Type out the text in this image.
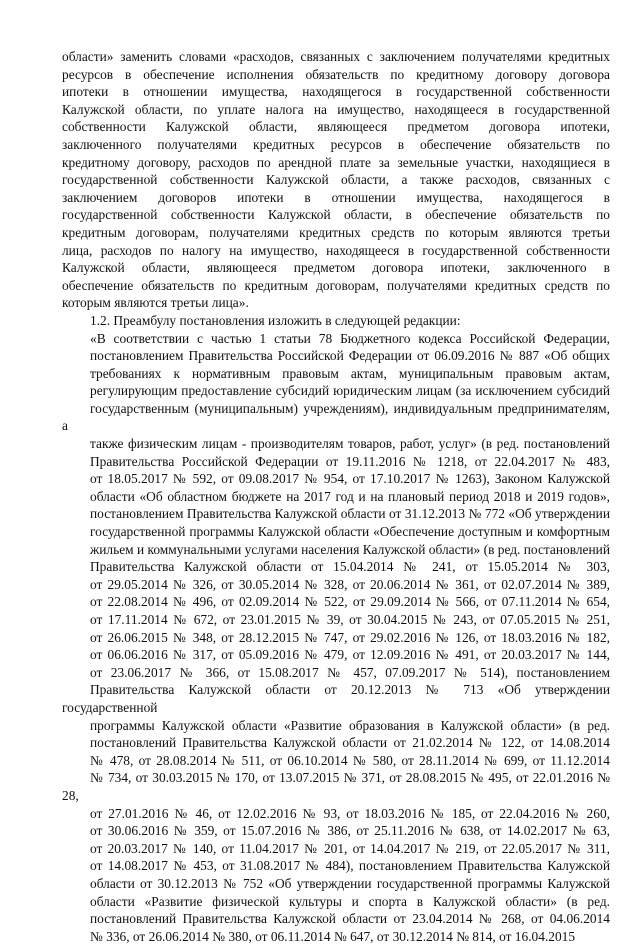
области» заменить словами «расходов, связанных с заключением получателями кредитных
ресурсов в обеспечение исполнения обязательств по кредитному договору договора
ипотеки в отношении имущества, находящегося в государственной собственности
Калужской области, по уплате налога на имущество, находящееся в государственной
собственности Калужской области, являющееся предметом договора ипотеки,
заключенного получателями кредитных ресурсов в обеспечение обязательств по
кредитному договору, расходов по арендной плате за земельные участки, находящиеся в
государственной собственности Калужской области, а также расходов, связанных с
заключением договоров ипотеки в отношении имущества, находящегося в
государственной собственности Калужской области, в обеспечение обязательств по
кредитным договорам, получателями кредитных средств по которым являются третьи
лица, расходов по налогу на имущество, находящееся в государственной собственности
Калужской области, являющееся предметом договора ипотеки, заключенного в
обеспечение обязательств по кредитным договорам, получателями кредитных средств по
которым являются третьи лица».

1.2. Преамбулу постановления изложить в следующей редакции:

«В соответствии с частью 1 статьи 78 Бюджетного кодекса Российской Федерации,
постановлением Правительства Российской Федерации от 06.09.2016 № 887 «Об общих
требованиях к нормативным правовым актам, муниципальным правовым актам,
регулирующим предоставление субсидий юридическим лицам (за исключением субсидий
государственным (муниципальным) учреждениям), индивидуальным предпринимателям, а
также физическим лицам - производителям товаров, работ, услуг» (в ред. постановлений
Правительства Российской Федерации от 19.11.2016 № 1218, от 22.04.2017 № 483,
от 18.05.2017 № 592, от 09.08.2017 № 954, от 17.10.2017 № 1263), Законом Калужской
области «Об областном бюджете на 2017 год и на плановый период 2018 и 2019 годов»,
постановлением Правительства Калужской области от 31.12.2013 № 772 «Об утверждении
государственной программы Калужской области «Обеспечение доступным и комфортным
жильем и коммунальными услугами населения Калужской области» (в ред. постановлений
Правительства Калужской области от 15.04.2014 № 241, от 15.05.2014 № 303,
от 29.05.2014 № 326, от 30.05.2014 № 328, от 20.06.2014 № 361, от 02.07.2014 № 389,
от 22.08.2014 № 496, от 02.09.2014 № 522, от 29.09.2014 № 566, от 07.11.2014 № 654,
от 17.11.2014 № 672, от 23.01.2015 № 39, от 30.04.2015 № 243, от 07.05.2015 № 251,
от 26.06.2015 № 348, от 28.12.2015 № 747, от 29.02.2016 № 126, от 18.03.2016 № 182,
от 06.06.2016 № 317, от 05.09.2016 № 479, от 12.09.2016 № 491, от 20.03.2017 № 144,
от 23.06.2017 № 366, от 15.08.2017 № 457, 07.09.2017 № 514), постановлением
Правительства Калужской области от 20.12.2013 № 713 «Об утверждении государственной
программы Калужской области «Развитие образования в Калужской области» (в ред.
постановлений Правительства Калужской области от 21.02.2014 № 122, от 14.08.2014
№ 478, от 28.08.2014 № 511, от 06.10.2014 № 580, от 28.11.2014 № 699, от 11.12.2014
№ 734, от 30.03.2015 № 170, от 13.07.2015 № 371, от 28.08.2015 № 495, от 22.01.2016 № 28,
от 27.01.2016 № 46, от 12.02.2016 № 93, от 18.03.2016 № 185, от 22.04.2016 № 260,
от 30.06.2016 № 359, от 15.07.2016 № 386, от 25.11.2016 № 638, от 14.02.2017 № 63,
от 20.03.2017 № 140, от 11.04.2017 № 201, от 14.04.2017 № 219, от 22.05.2017 № 311,
от 14.08.2017 № 453, от 31.08.2017 № 484), постановлением Правительства Калужской
области от 30.12.2013 № 752 «Об утверждении государственной программы Калужской
области «Развитие физической культуры и спорта в Калужской области» (в ред.
постановлений Правительства Калужской области от 23.04.2014 № 268, от 04.06.2014
№ 336, от 26.06.2014 № 380, от 06.11.2014 № 647, от 30.12.2014 № 814, от 16.04.2015
